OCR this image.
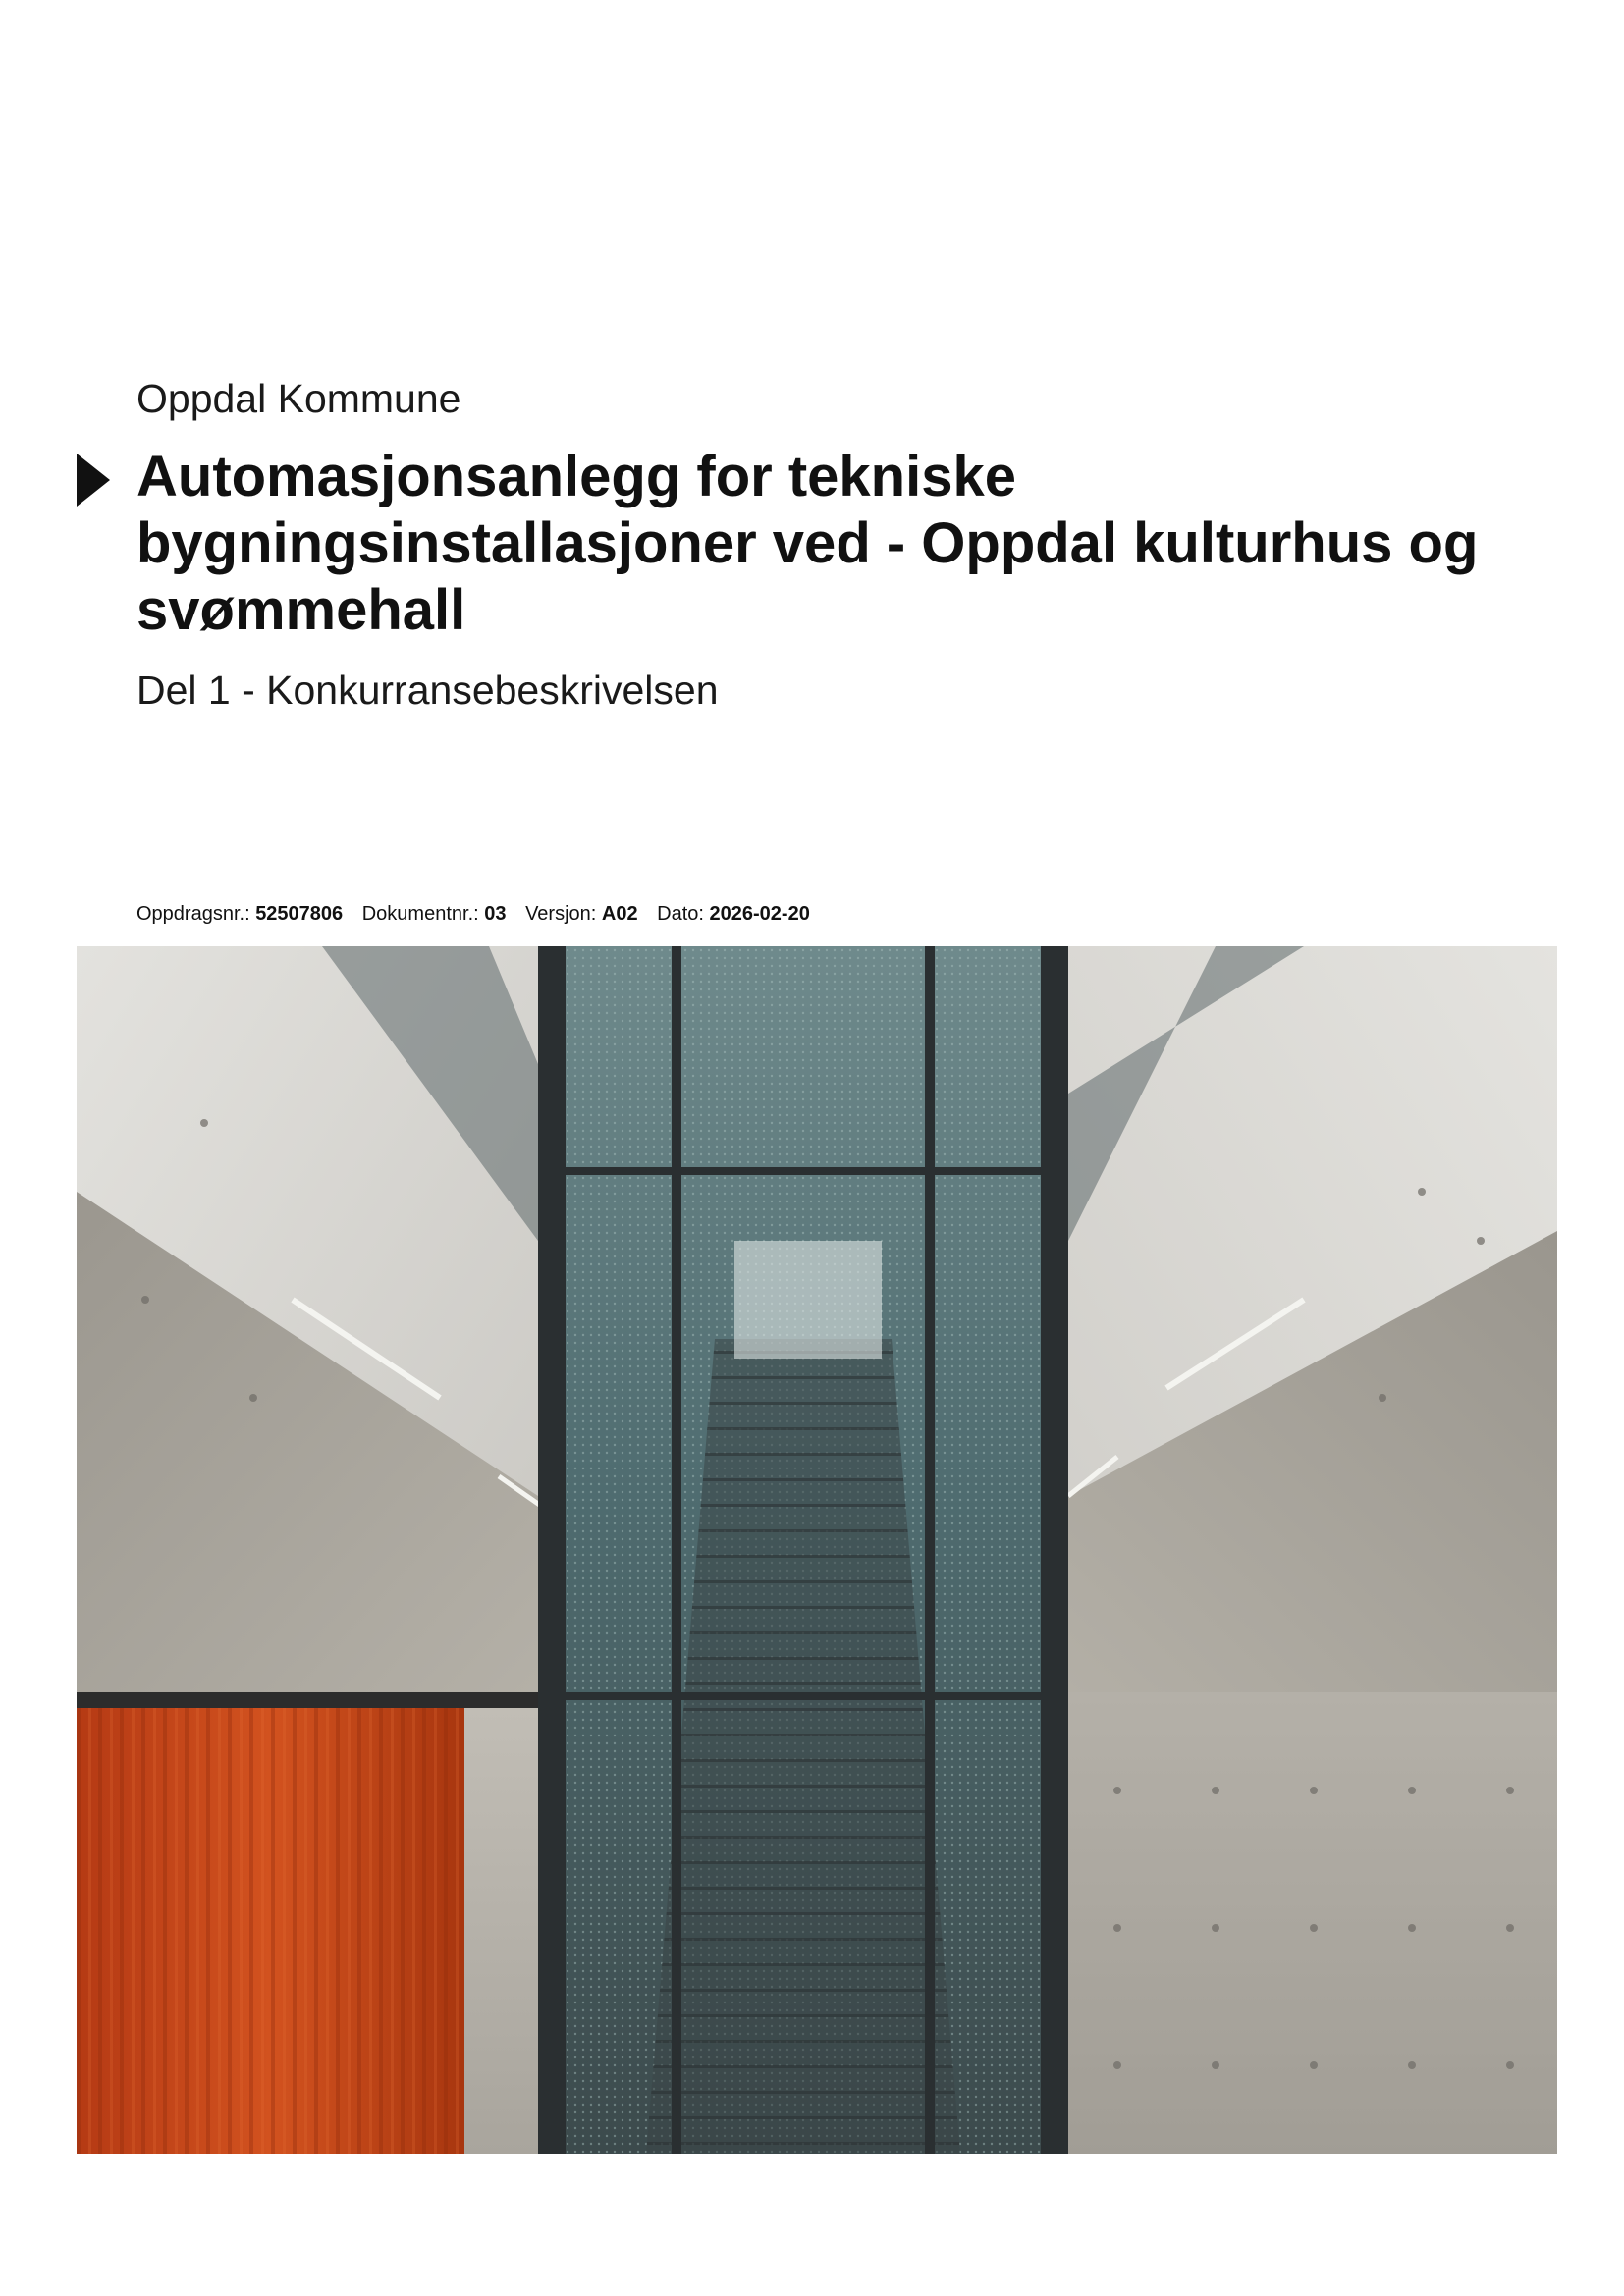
Oppdal Kommune
Automasjonsanlegg for tekniske bygningsinstallasjoner ved - Oppdal kulturhus og svømmehall
Del 1 - Konkurransebeskrivelsen
Oppdragsnr.: 52507806 Dokumentnr.: 03 Versjon: A02 Dato: 2026-02-20
